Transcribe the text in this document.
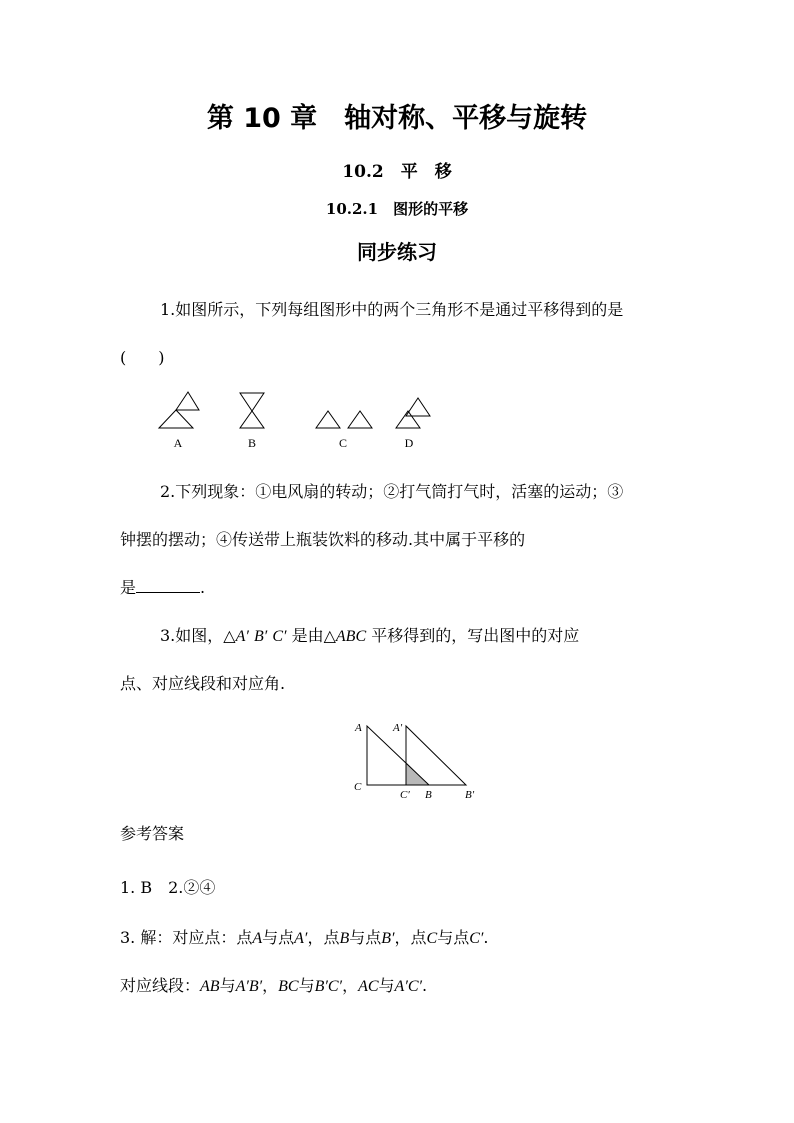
第 10 章　轴对称、平移与旋转
10.2　平　移
10.2.1　图形的平移
同步练习
1.如图所示，下列每组图形中的两个三角形不是通过平移得到的是
(　　)
A	B	C	D
2.下列现象：①电风扇的转动；②打气筒打气时，活塞的运动；③
钟摆的摆动；④传送带上瓶装饮料的移动.其中属于平移的
是	.
3.如图，△A′ B′ C′ 是由△ABC 平移得到的，写出图中的对应
点、对应线段和对应角.
A	A′
C
C′ B	B′
参考答案
1. B　2.②④
3. 解：对应点：点A与点A′，点B与点B′，点C与点C′.
对应线段：AB与A′B′，BC与B′C′，AC与A′C′.
